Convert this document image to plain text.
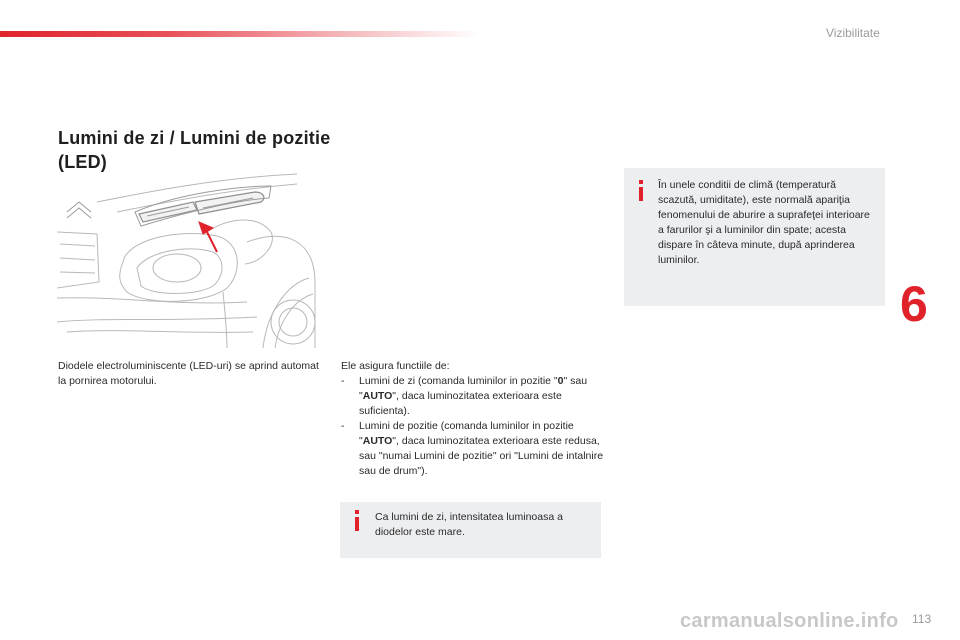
Vizibilitate
Lumini de zi / Lumini de pozitie
(LED)
Diodele electroluminiscente (LED-uri) se aprind automat la pornirea motorului.
Ele asigura functiile de:
-	Lumini de zi (comanda luminilor in pozitie "0" sau "AUTO", daca luminozitatea exterioara este suficienta).
-	Lumini de pozitie (comanda luminilor in pozitie "AUTO", daca luminozitatea exterioara este redusa, sau "numai Lumini de pozitie" ori "Lumini de intalnire sau de drum").
Ca lumini de zi, intensitatea luminoasa a diodelor este mare.
În unele conditii de climă (temperatură scazută, umiditate), este normală apariţia fenomenului de aburire a suprafeţei interioare a farurilor şi a luminilor din spate; acesta dispare în câteva minute, după aprinderea luminilor.
6
carmanualsonline.info 113
